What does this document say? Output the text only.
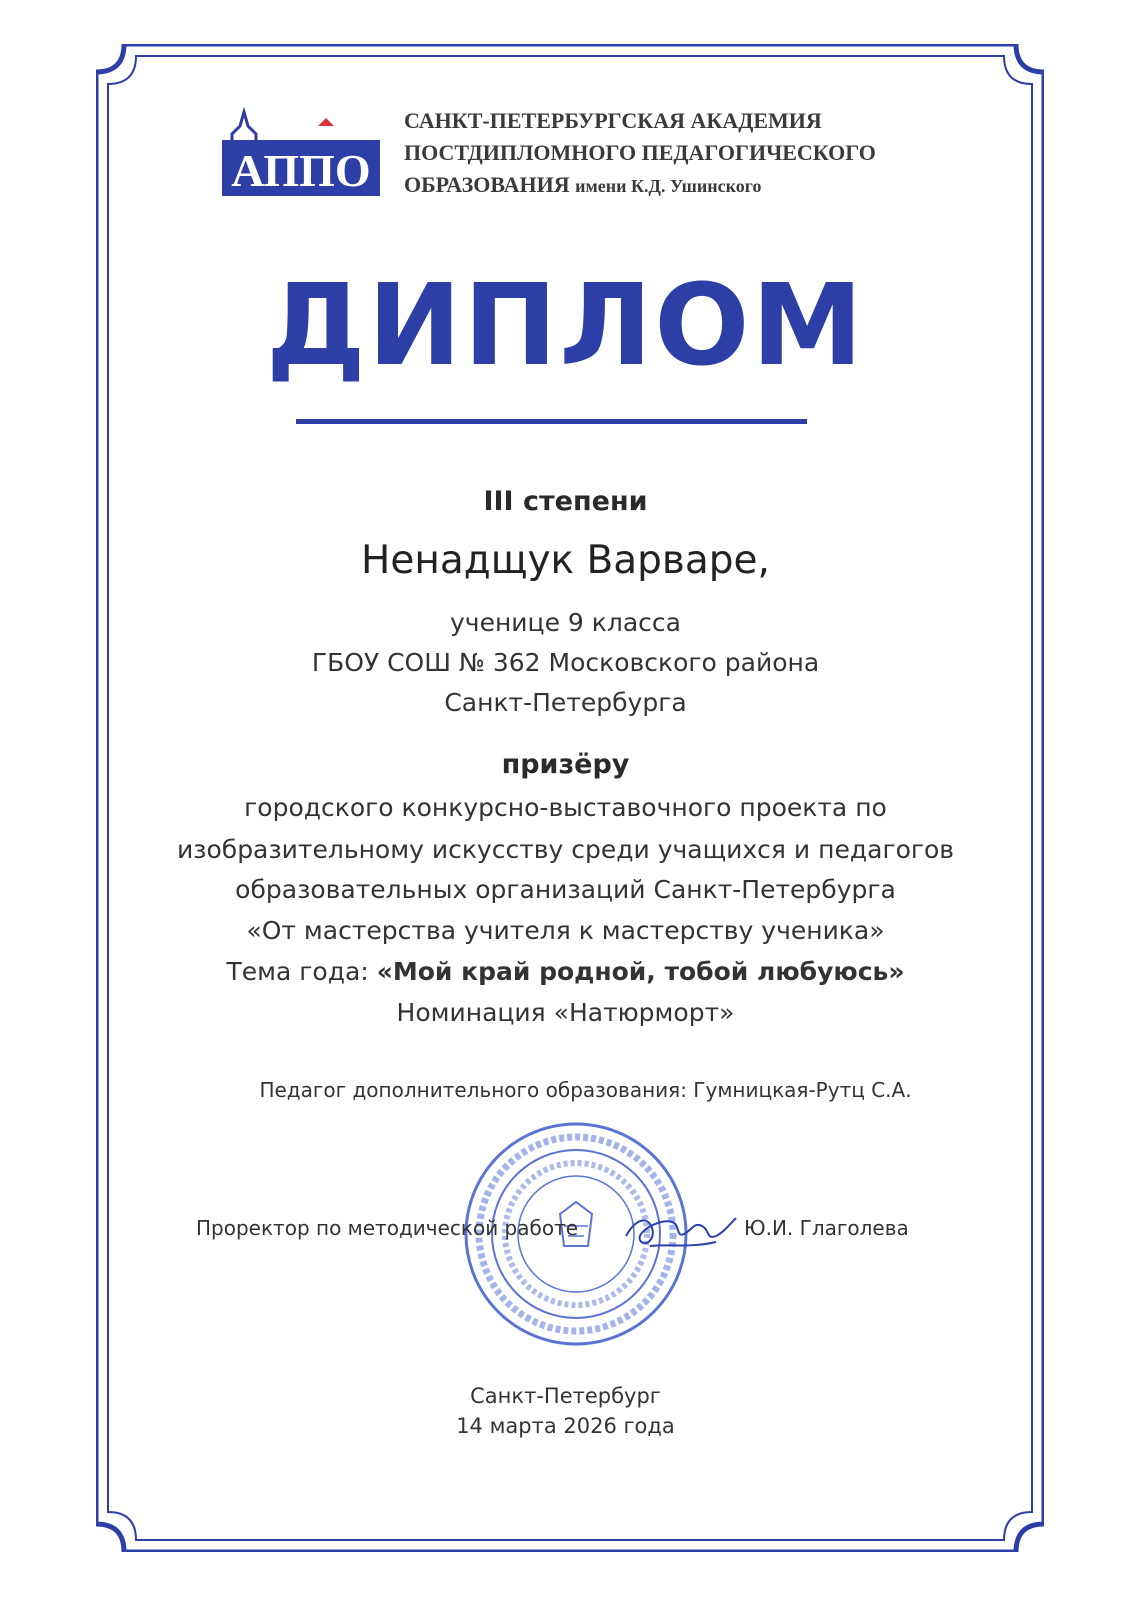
АППО
САНКТ-ПЕТЕРБУРГСКАЯ АКАДЕМИЯ
ПОСТДИПЛОМНОГО ПЕДАГОГИЧЕСКОГО
ОБРАЗОВАНИЯ имени К.Д. Ушинского
ДИПЛОМ
III степени
Ненадщук Варваре,
ученице 9 класса
ГБОУ СОШ № 362 Московского района
Санкт-Петербурга
призёру
городского конкурсно-выставочного проекта по
изобразительному искусству среди учащихся и педагогов
образовательных организаций Санкт-Петербурга
«От мастерства учителя к мастерству ученика»
Тема года: «Мой край родной, тобой любуюсь»
Номинация «Натюрморт»
Педагог дополнительного образования: Гумницкая-Рутц С.А.
Проректор по методической работе	Ю.И. Глаголева
Санкт-Петербург
14 марта 2026 года
